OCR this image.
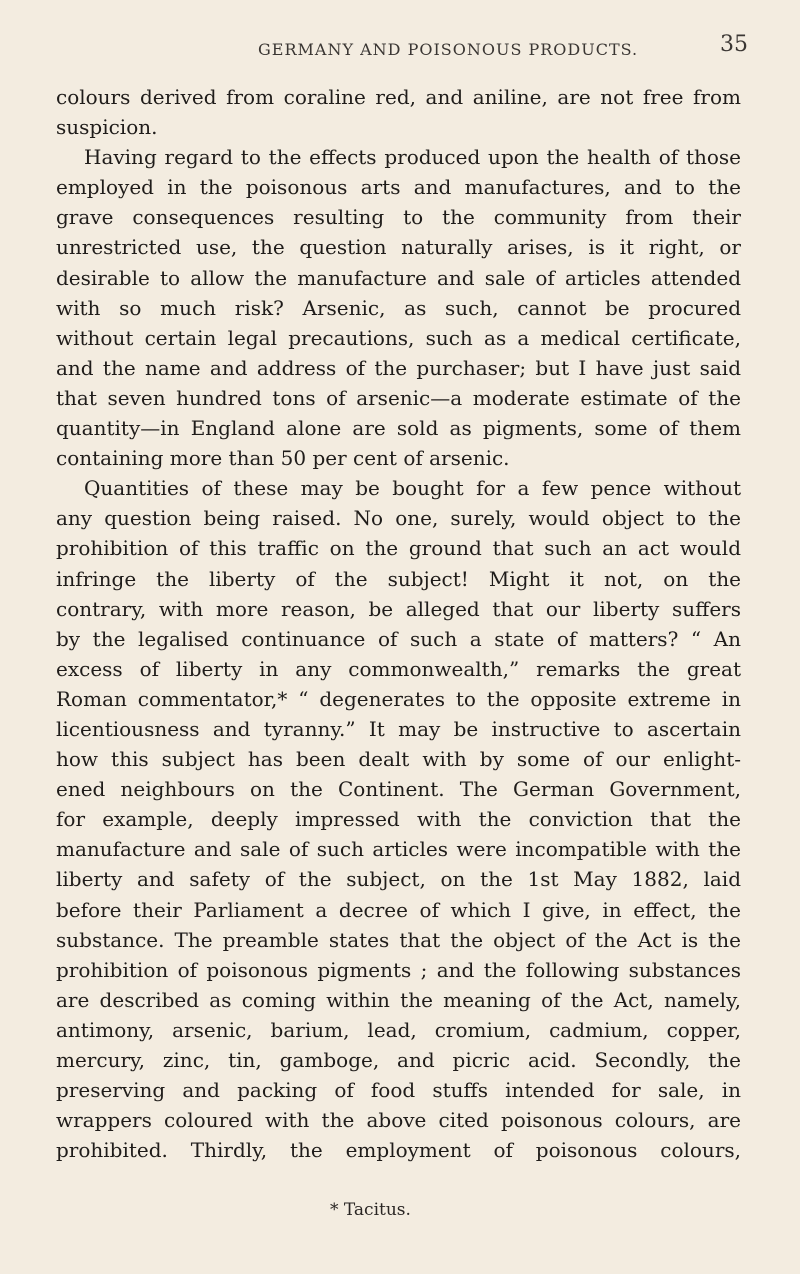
GERMANY AND POISONOUS PRODUCTS.	35
colours derived from coraline red, and aniline, are not free from
suspicion.
Having regard to the effects produced upon the health of those
employed in the poisonous arts and manufactures, and to the
grave consequences resulting to the community from their
unrestricted use, the question naturally arises, is it right, or
desirable to allow the manufacture and sale of articles attended
with so much risk? Arsenic, as such, cannot be procured
without certain legal precautions, such as a medical certificate,
and the name and address of the purchaser; but I have just said
that seven hundred tons of arsenic—a moderate estimate of the
quantity—in England alone are sold as pigments, some of them
containing more than 50 per cent of arsenic.
Quantities of these may be bought for a few pence without
any question being raised. No one, surely, would object to the
prohibition of this traffic on the ground that such an act would
infringe the liberty of the subject! Might it not, on the
contrary, with more reason, be alleged that our liberty suffers
by the legalised continuance of such a state of matters? “ An
excess of liberty in any commonwealth,” remarks the great
Roman commentator,* “ degenerates to the opposite extreme in
licentiousness and tyranny.” It may be instructive to ascertain
how this subject has been dealt with by some of our enlight-
ened neighbours on the Continent. The German Government,
for example, deeply impressed with the conviction that the
manufacture and sale of such articles were incompatible with the
liberty and safety of the subject, on the 1st May 1882, laid
before their Parliament a decree of which I give, in effect, the
substance. The preamble states that the object of the Act is the
prohibition of poisonous pigments ; and the following substances
are described as coming within the meaning of the Act, namely,
antimony, arsenic, barium, lead, cromium, cadmium, copper,
mercury, zinc, tin, gamboge, and picric acid. Secondly, the
preserving and packing of food stuffs intended for sale, in
wrappers coloured with the above cited poisonous colours, are
prohibited. Thirdly, the employment of poisonous colours,
* Tacitus.
